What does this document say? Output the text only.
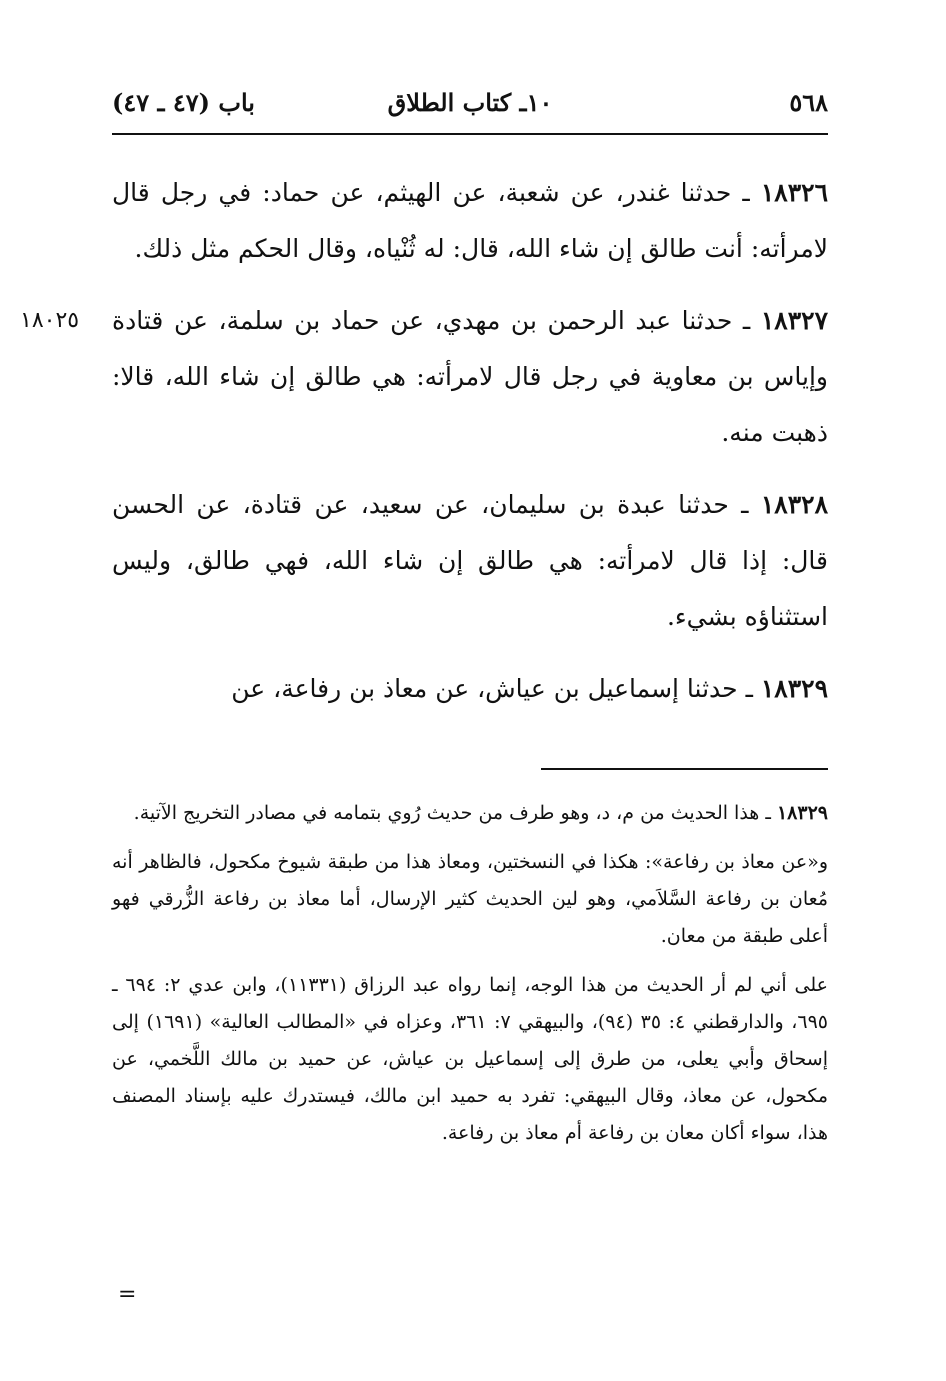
٥٦٨
١٠ـ كتاب الطلاق
باب (٤٧ ـ ٤٧)

١٨٣٢٦ ـ حدثنا غندر، عن شعبة، عن الهيثم، عن حماد: في رجل قال لامرأته: أنت طالق إن شاء الله، قال: له ثُنْياه، وقال الحكم مثل ذلك.

١٨٠٢٥	١٨٣٢٧ ـ حدثنا عبد الرحمن بن مهدي، عن حماد بن سلمة، عن قتادة وإياس بن معاوية في رجل قال لامرأته: هي طالق إن شاء الله، قالا: ذهبت منه.

١٨٣٢٨ ـ حدثنا عبدة بن سليمان، عن سعيد، عن قتادة، عن الحسن قال: إذا قال لامرأته: هي طالق إن شاء الله، فهي طالق، وليس استثناؤه بشيء.

١٨٣٢٩ ـ حدثنا إسماعيل بن عياش، عن معاذ بن رفاعة، عن

١٨٣٢٩ ـ هذا الحديث من م، د، وهو طرف من حديث رُوي بتمامه في مصادر التخريج الآتية.

و«عن معاذ بن رفاعة»: هكذا في النسختين، ومعاذ هذا من طبقة شيوخ مكحول، فالظاهر أنه مُعان بن رفاعة السَّلاَمي، وهو لين الحديث كثير الإرسال، أما معاذ بن رفاعة الزُّرقي فهو أعلى طبقة من معان.

على أني لم أر الحديث من هذا الوجه، إنما رواه عبد الرزاق (١١٣٣١)، وابن عدي ٢: ٦٩٤ ـ ٦٩٥، والدارقطني ٤: ٣٥ (٩٤)، والبيهقي ٧: ٣٦١، وعزاه في «المطالب العالية» (١٦٩١) إلى إسحاق وأبي يعلى، من طرق إلى إسماعيل بن عياش، عن حميد بن مالك اللَّخمي، عن مكحول، عن معاذ، وقال البيهقي: تفرد به حميد ابن مالك، فيستدرك عليه بإسناد المصنف هذا، سواء أكان معان بن رفاعة أم معاذ بن رفاعة.

=
